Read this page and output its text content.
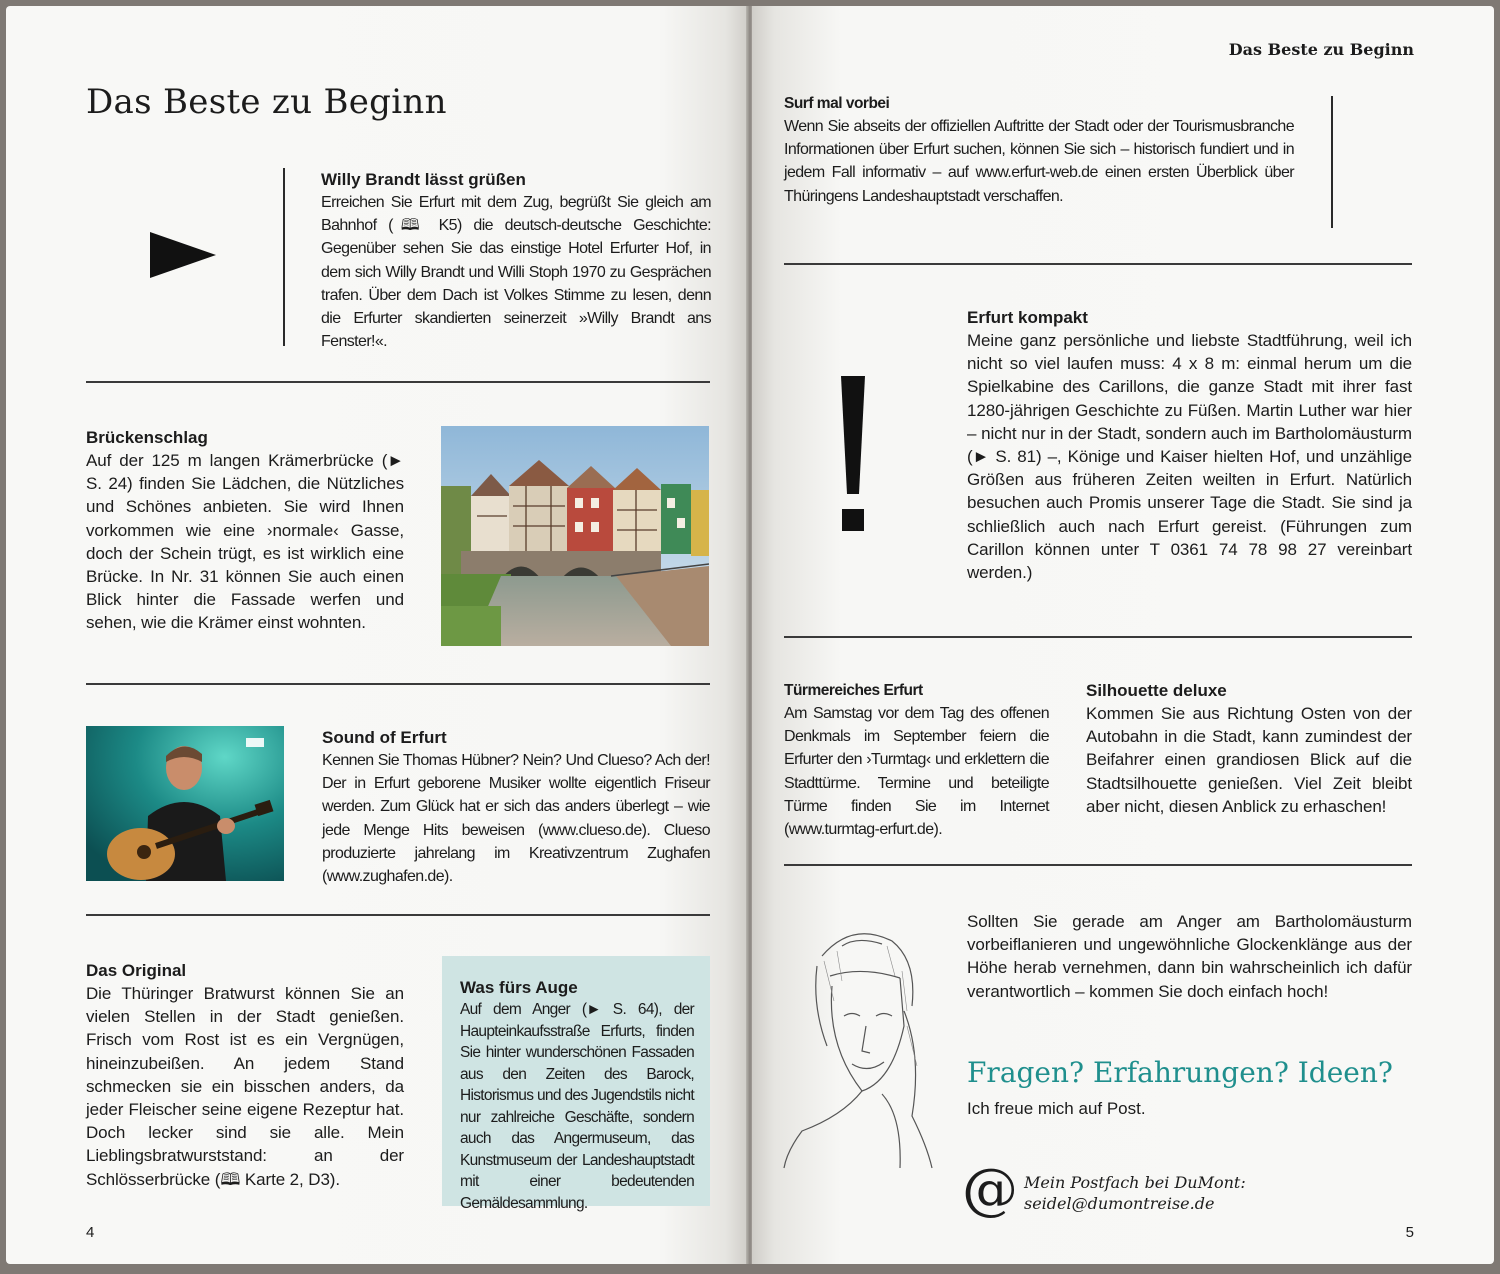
Das Beste zu Beginn

Willy Brandt lässt grüßen

Erreichen Sie Erfurt mit dem Zug, begrüßt Sie gleich am Bahnhof (🕮 K5) die deutsch-deutsche Geschichte: Gegenüber sehen Sie das einstige Hotel Erfurter Hof, in dem sich Willy Brandt und Willi Stoph 1970 zu Gesprächen trafen. Über dem Dach ist Volkes Stimme zu lesen, denn die Erfurter skandierten seinerzeit »Willy Brandt ans Fenster!«.

Brückenschlag

Auf der 125 m langen Krämerbrücke (► S. 24) finden Sie Lädchen, die Nützliches und Schönes anbieten. Sie wird Ihnen vorkommen wie eine ›normale‹ Gasse, doch der Schein trügt, es ist wirklich eine Brücke. In Nr. 31 können Sie auch einen Blick hinter die Fassade werfen und sehen, wie die Krämer einst wohnten.

Sound of Erfurt

Kennen Sie Thomas Hübner? Nein? Und Clueso? Ach der! Der in Erfurt geborene Musiker wollte eigentlich Friseur werden. Zum Glück hat er sich das anders überlegt – wie jede Menge Hits beweisen (www.clueso.de). Clueso produzierte jahrelang im Kreativzentrum Zughafen (www.zughafen.de).

Das Original

Die Thüringer Bratwurst können Sie an vielen Stellen in der Stadt genießen. Frisch vom Rost ist es ein Vergnügen, hineinzubeißen. An jedem Stand schmecken sie ein bisschen anders, da jeder Fleischer seine eigene Rezeptur hat. Doch lecker sind sie alle. Mein Lieblingsbratwurststand: an der Schlösserbrücke (🕮 Karte 2, D3).

Was fürs Auge

Auf dem Anger (► S. 64), der Haupteinkaufsstraße Erfurts, finden Sie hinter wunderschönen Fassaden aus den Zeiten des Barock, Historismus und des Jugendstils nicht nur zahlreiche Geschäfte, sondern auch das Angermuseum, das Kunstmuseum der Landeshauptstadt mit einer bedeutenden Gemäldesammlung.

4
Das Beste zu Beginn

Surf mal vorbei

Wenn Sie abseits der offiziellen Auftritte der Stadt oder der Tourismusbranche Informationen über Erfurt suchen, können Sie sich – historisch fundiert und in jedem Fall informativ – auf www.erfurt-web.de einen ersten Überblick über Thüringens Landeshauptstadt verschaffen.

Erfurt kompakt

Meine ganz persönliche und liebste Stadtführung, weil ich nicht so viel laufen muss: 4 x 8 m: einmal herum um die Spielkabine des Carillons, die ganze Stadt mit ihrer fast 1280-jährigen Geschichte zu Füßen. Martin Luther war hier – nicht nur in der Stadt, sondern auch im Bartholomäusturm (► S. 81) –, Könige und Kaiser hielten Hof, und unzählige Größen aus früheren Zeiten weilten in Erfurt. Natürlich besuchen auch Promis unserer Tage die Stadt. Sie sind ja schließlich auch nach Erfurt gereist. (Führungen zum Carillon können unter T 0361 74 78 98 27 vereinbart werden.)

Türmereiches Erfurt

Am Samstag vor dem Tag des offenen Denkmals im September feiern die Erfurter den ›Turmtag‹ und erklettern die Stadttürme. Termine und beteiligte Türme finden Sie im Internet (www.turmtag-erfurt.de).

Silhouette deluxe

Kommen Sie aus Richtung Osten von der Autobahn in die Stadt, kann zumindest der Beifahrer einen grandiosen Blick auf die Stadtsilhouette genießen. Viel Zeit bleibt aber nicht, diesen Anblick zu erhaschen!

Sollten Sie gerade am Anger am Bartholomäusturm vorbeiflanieren und ungewöhnliche Glockenklänge aus der Höhe herab vernehmen, dann bin wahrscheinlich ich dafür verantwortlich – kommen Sie doch einfach hoch!

Fragen? Erfahrungen? Ideen?
Ich freue mich auf Post.
@ Mein Postfach bei DuMont:
seidel@dumontreise.de
5
